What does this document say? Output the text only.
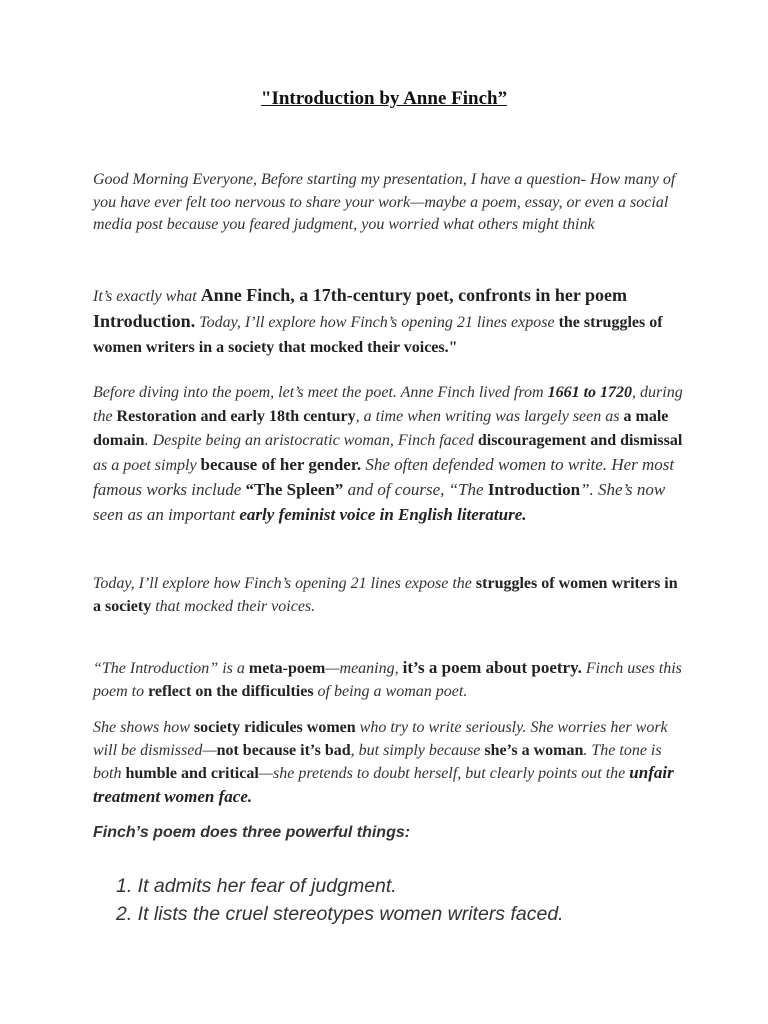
"Introduction by Anne Finch”
Good Morning Everyone, Before starting my presentation, I have a question- How many of you have ever felt too nervous to share your work—maybe a poem, essay, or even a social media post because you feared judgment, you worried what others might think
It’s exactly what Anne Finch, a 17th-century poet, confronts in her poem Introduction. Today, I’ll explore how Finch’s opening 21 lines expose the struggles of women writers in a society that mocked their voices."
Before diving into the poem, let’s meet the poet. Anne Finch lived from 1661 to 1720, during the Restoration and early 18th century, a time when writing was largely seen as a male domain. Despite being an aristocratic woman, Finch faced discouragement and dismissal as a poet simply because of her gender. She often defended women to write. Her most famous works include “The Spleen” and of course, “The Introduction”. She’s now seen as an important early feminist voice in English literature.
Today, I’ll explore how Finch’s opening 21 lines expose the struggles of women writers in a society that mocked their voices.
“The Introduction” is a meta-poem—meaning, it’s a poem about poetry. Finch uses this poem to reflect on the difficulties of being a woman poet.
She shows how society ridicules women who try to write seriously. She worries her work will be dismissed—not because it’s bad, but simply because she’s a woman. The tone is both humble and critical—she pretends to doubt herself, but clearly points out the unfair treatment women face.
Finch’s poem does three powerful things:
1. It admits her fear of judgment.
2. It lists the cruel stereotypes women writers faced.
